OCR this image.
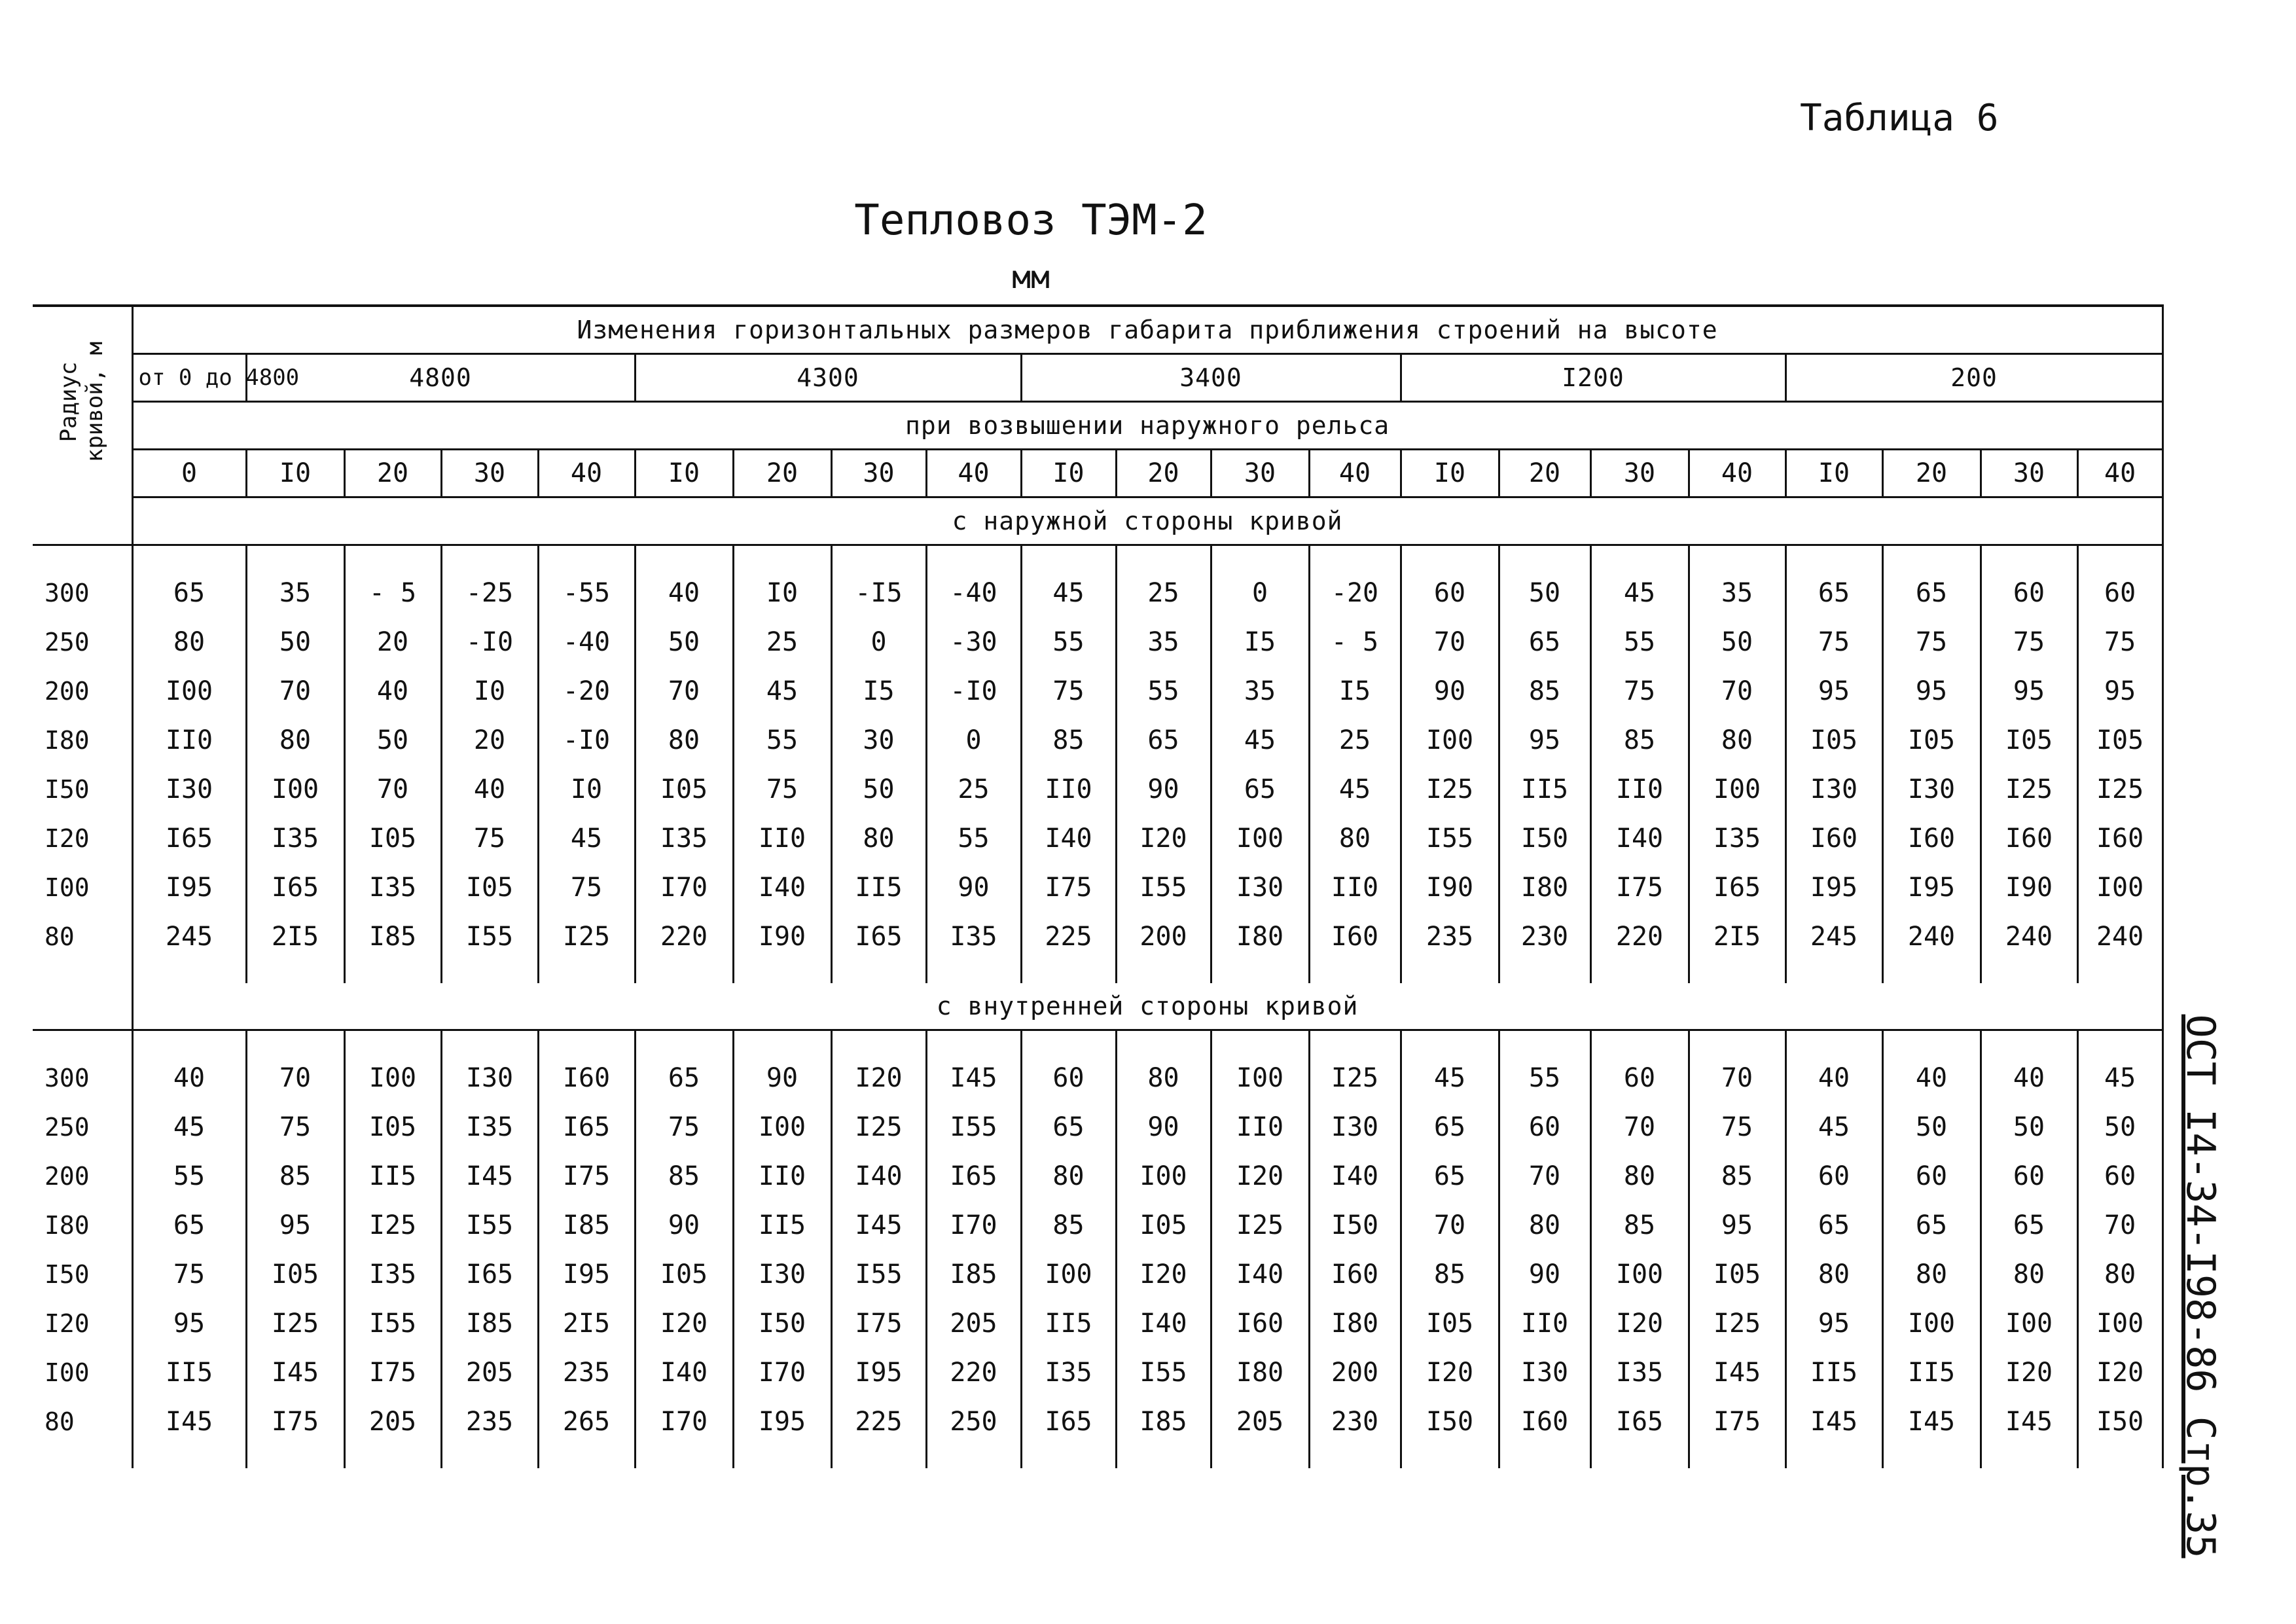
Таблица 6
Тепловоз ТЭМ-2
мм
ОСТ I4-34-I98-86 Стр.35
Радиус
кривой, м	Изменения горизонтальных размеров габарита приближения строений на высоте																				
	от 0 до 4800	4800				4300				3400				I200				200			
	при возвышении наружного рельса																				
	0	I0	20	30	40	I0	20	30	40	I0	20	30	40	I0	20	30	40	I0	20	30	40
	с наружной стороны кривой																				

300	65	35	- 5	-25	-55	40	I0	-I5	-40	45	25	0	-20	60	50	45	35	65	65	60	60
250	80	50	20	-I0	-40	50	25	0	-30	55	35	I5	- 5	70	65	55	50	75	75	75	75
200	I00	70	40	I0	-20	70	45	I5	-I0	75	55	35	I5	90	85	75	70	95	95	95	95
I80	II0	80	50	20	-I0	80	55	30	0	85	65	45	25	I00	95	85	80	I05	I05	I05	I05
I50	I30	I00	70	40	I0	I05	75	50	25	II0	90	65	45	I25	II5	II0	I00	I30	I30	I25	I25
I20	I65	I35	I05	75	45	I35	II0	80	55	I40	I20	I00	80	I55	I50	I40	I35	I60	I60	I60	I60
I00	I95	I65	I35	I05	75	I70	I40	II5	90	I75	I55	I30	II0	I90	I80	I75	I65	I95	I95	I90	I00
80	245	2I5	I85	I55	I25	220	I90	I65	I35	225	200	I80	I60	235	230	220	2I5	245	240	240	240

	с внутренней стороны кривой																				

300	40	70	I00	I30	I60	65	90	I20	I45	60	80	I00	I25	45	55	60	70	40	40	40	45
250	45	75	I05	I35	I65	75	I00	I25	I55	65	90	II0	I30	65	60	70	75	45	50	50	50
200	55	85	II5	I45	I75	85	II0	I40	I65	80	I00	I20	I40	65	70	80	85	60	60	60	60
I80	65	95	I25	I55	I85	90	II5	I45	I70	85	I05	I25	I50	70	80	85	95	65	65	65	70
I50	75	I05	I35	I65	I95	I05	I30	I55	I85	I00	I20	I40	I60	85	90	I00	I05	80	80	80	80
I20	95	I25	I55	I85	2I5	I20	I50	I75	205	II5	I40	I60	I80	I05	II0	I20	I25	95	I00	I00	I00
I00	II5	I45	I75	205	235	I40	I70	I95	220	I35	I55	I80	200	I20	I30	I35	I45	II5	II5	I20	I20
80	I45	I75	205	235	265	I70	I95	225	250	I65	I85	205	230	I50	I60	I65	I75	I45	I45	I45	I50
